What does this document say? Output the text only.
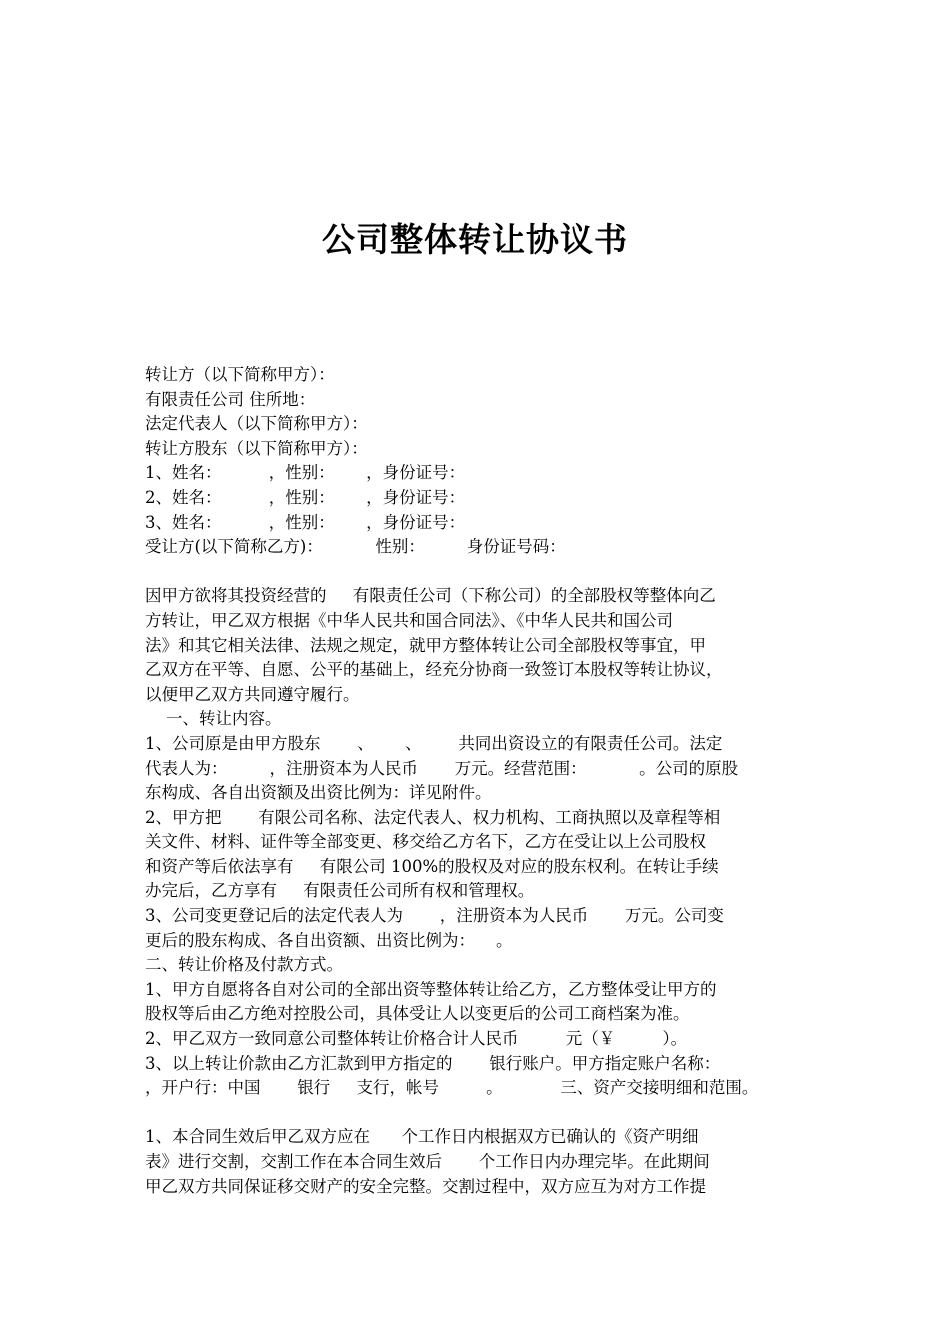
公司整体转让协议书
转让方（以下简称甲方）：
有限责任公司 住所地：
法定代表人（以下简称甲方）：
转让方股东（以下简称甲方）：
1、姓名：         ，性别：      ，身份证号：
2、姓名：         ，性别：      ，身份证号：
3、姓名：         ，性别：      ，身份证号：
受让方(以下简称乙方)：          性别：        身份证号码：
因甲方欲将其投资经营的     有限责任公司（下称公司）的全部股权等整体向乙
方转让，甲乙双方根据《中华人民共和国合同法》、《中华人民共和国公司
法》和其它相关法律、法规之规定，就甲方整体转让公司全部股权等事宜，甲
乙双方在平等、自愿、公平的基础上，经充分协商一致签订本股权等转让协议，
以便甲乙双方共同遵守履行。
一、转让内容。
1、公司原是由甲方股东       、      、       共同出资设立的有限责任公司。法定
代表人为：        ，注册资本为人民币       万元。经营范围：          。公司的原股
东构成、各自出资额及出资比例为：详见附件。
2、甲方把       有限公司名称、法定代表人、权力机构、工商执照以及章程等相
关文件、材料、证件等全部变更、移交给乙方名下，乙方在受让以上公司股权
和资产等后依法享有     有限公司 100%的股权及对应的股东权利。在转让手续
办完后，乙方享有     有限责任公司所有权和管理权。
3、公司变更登记后的法定代表人为       ，注册资本为人民币       万元。公司变
更后的股东构成、各自出资额、出资比例为：    。
二、转让价格及付款方式。
1、甲方自愿将各自对公司的全部出资等整体转让给乙方，乙方整体受让甲方的
股权等后由乙方绝对控股公司，具体受让人以变更后的公司工商档案为准。
2、甲乙双方一致同意公司整体转让价格合计人民币         元（￥         ）。
3、以上转让价款由乙方汇款到甲方指定的       银行账户。甲方指定账户名称：
，开户行：中国       银行     支行，帐号         。           三、资产交接明细和范围。
1、本合同生效后甲乙双方应在      个工作日内根据双方已确认的《资产明细
表》进行交割，交割工作在本合同生效后       个工作日内办理完毕。在此期间
甲乙双方共同保证移交财产的安全完整。交割过程中，双方应互为对方工作提
